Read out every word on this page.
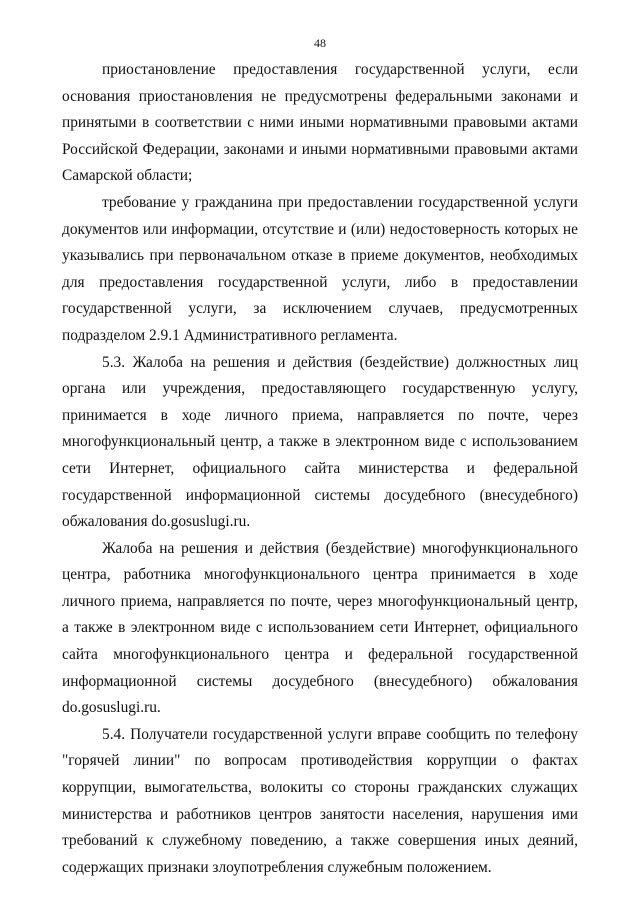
48

приостановление предоставления государственной услуги, если основания приостановления не предусмотрены федеральными законами и принятыми в соответствии с ними иными нормативными правовыми актами Российской Федерации, законами и иными нормативными правовыми актами Самарской области;

требование у гражданина при предоставлении государственной услуги документов или информации, отсутствие и (или) недостоверность которых не указывались при первоначальном отказе в приеме документов, необходимых для предоставления государственной услуги, либо в предоставлении государственной услуги, за исключением случаев, предусмотренных подразделом 2.9.1 Административного регламента.

5.3. Жалоба на решения и действия (бездействие) должностных лиц органа или учреждения, предоставляющего государственную услугу, принимается в ходе личного приема, направляется по почте, через многофункциональный центр, а также в электронном виде с использованием сети Интернет, официального сайта министерства и федеральной государственной информационной системы досудебного (внесудебного) обжалования do.gosuslugi.ru.

Жалоба на решения и действия (бездействие) многофункционального центра, работника многофункционального центра принимается в ходе личного приема, направляется по почте, через многофункциональный центр, а также в электронном виде с использованием сети Интернет, официального сайта многофункционального центра и федеральной государственной информационной системы досудебного (внесудебного) обжалования do.gosuslugi.ru.

5.4. Получатели государственной услуги вправе сообщить по телефону "горячей линии" по вопросам противодействия коррупции о фактах коррупции, вымогательства, волокиты со стороны гражданских служащих министерства и работников центров занятости населения, нарушения ими требований к служебному поведению, а также совершения иных деяний, содержащих признаки злоупотребления служебным положением.
